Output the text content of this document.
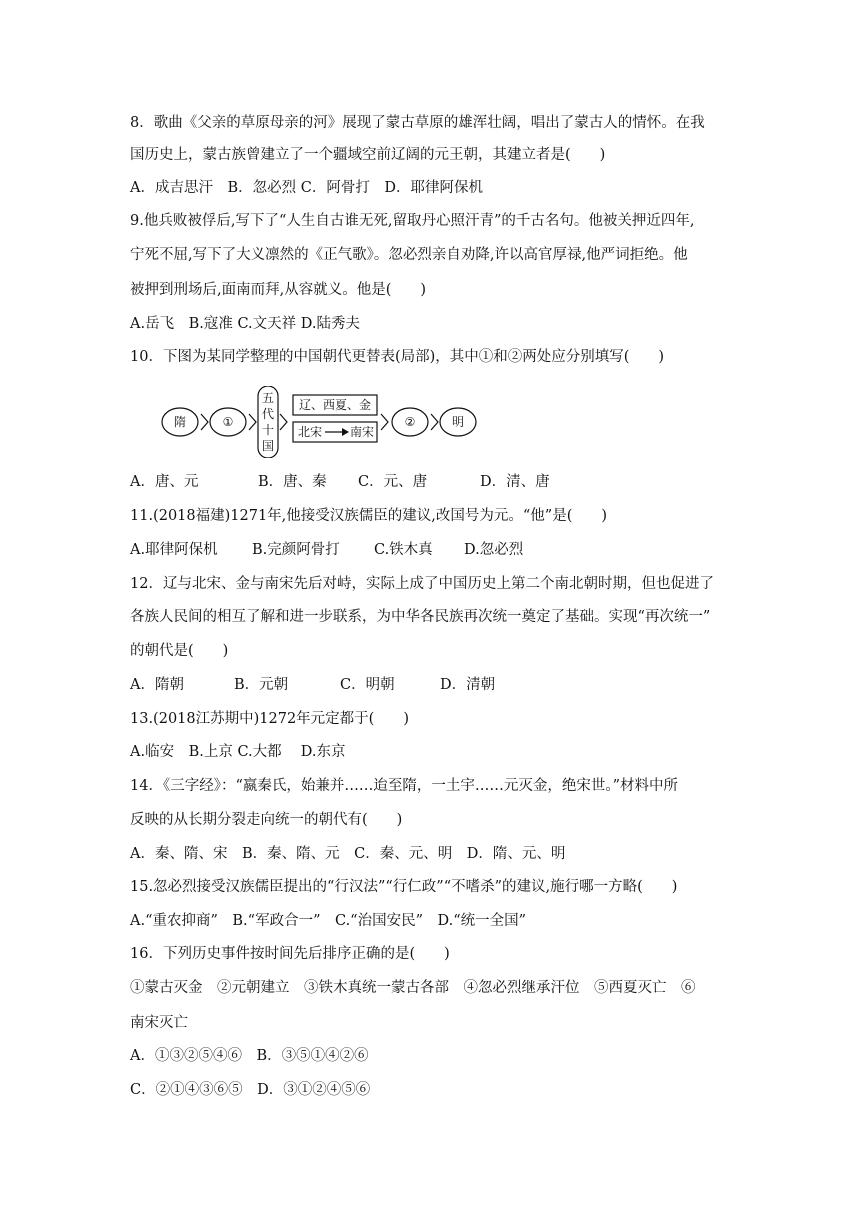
8．歌曲《父亲的草原母亲的河》展现了蒙古草原的雄浑壮阔，唱出了蒙古人的情怀。在我
国历史上，蒙古族曾建立了一个疆域空前辽阔的元王朝，其建立者是(　　)
A．成吉思汗　B．忽必烈 C．阿骨打　D．耶律阿保机
9.他兵败被俘后,写下了“人生自古谁无死,留取丹心照汗青”的千古名句。他被关押近四年,
宁死不屈,写下了大义凛然的《正气歌》。忽必烈亲自劝降,许以高官厚禄,他严词拒绝。他
被押到刑场后,面南而拜,从容就义。他是(　　)
A.岳飞　B.寇准 C.文天祥 D.陆秀夫
10．下图为某同学整理的中国朝代更替表(局部)，其中①和②两处应分别填写(　　)
隋	①
五
代
十
国
辽、西夏、金
北宋 南宋
②	明
A．唐、元	B．唐、秦 C．元、唐	D．清、唐
11.(2018福建)1271年,他接受汉族儒臣的建议,改国号为元。“他”是(　　)
A.耶律阿保机 B.完颜阿骨打 C.铁木真 D.忽必烈
12．辽与北宋、金与南宋先后对峙，实际上成了中国历史上第二个南北朝时期，但也促进了
各族人民间的相互了解和进一步联系，为中华各民族再次统一奠定了基础。实现“再次统一”
的朝代是(　　)
A．隋朝	B．元朝	C．明朝	D．清朝
13.(2018江苏期中)1272年元定都于(　　)
A.临安　B.上京 C.大都　 D.东京
14．《三字经》：“嬴秦氏，始兼并……迨至隋，一土宇……元灭金，绝宋世。”材料中所
反映的从长期分裂走向统一的朝代有(　　)
A．秦、隋、宋　B．秦、隋、元　C．秦、元、明　D．隋、元、明
15.忽必烈接受汉族儒臣提出的“行汉法”“行仁政”“不嗜杀”的建议,施行哪一方略(　　)
A.“重农抑商”　B.“军政合一”　C.“治国安民”　D.“统一全国”
16．下列历史事件按时间先后排序正确的是(　　)
①蒙古灭金　②元朝建立　③铁木真统一蒙古各部　④忽必烈继承汗位　⑤西夏灭亡　⑥
南宋灭亡
A．①③②⑤④⑥　B．③⑤①④②⑥
C．②①④③⑥⑤　D．③①②④⑤⑥
